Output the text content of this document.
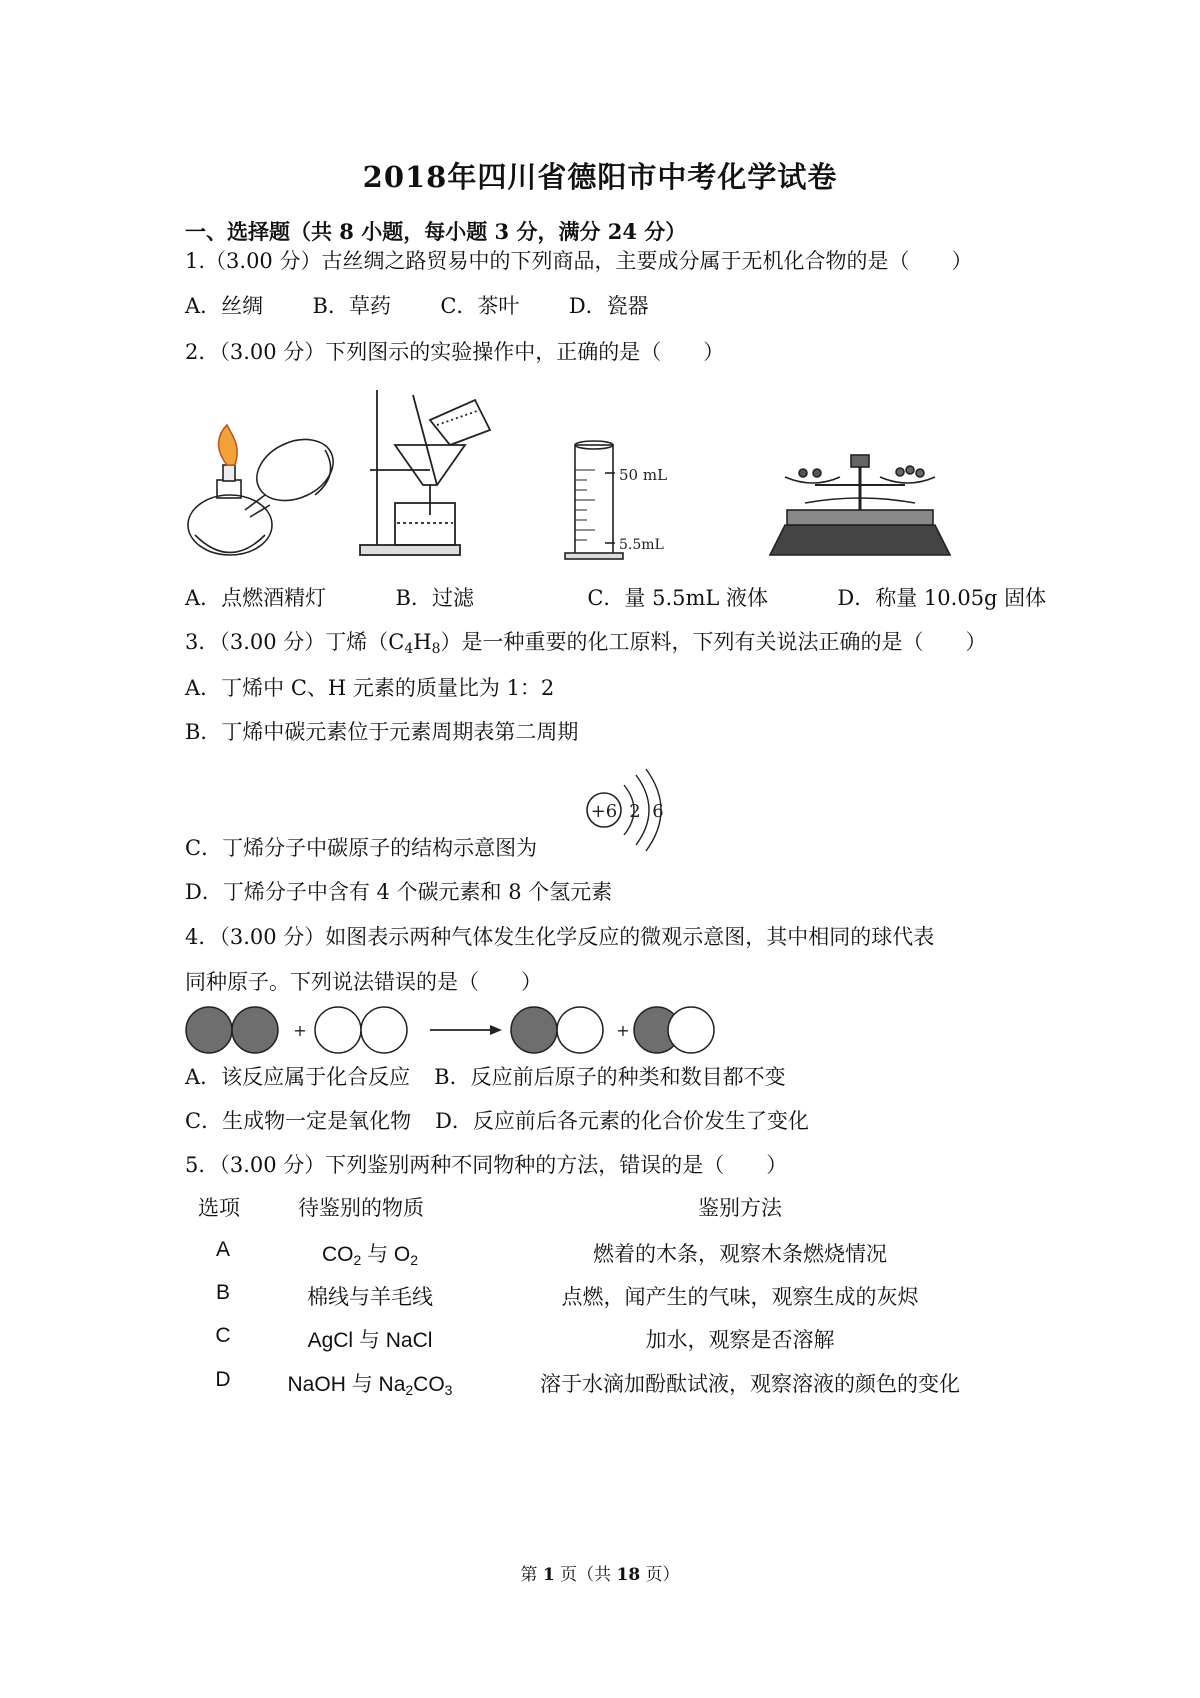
2018年四川省德阳市中考化学试卷
一、选择题（共 8 小题，每小题 3 分，满分 24 分）
1.（3.00 分）古丝绸之路贸易中的下列商品，主要成分属于无机化合物的是（　　）
A．丝绸 B．草药 C．茶叶 D．瓷器
2．（3.00 分）下列图示的实验操作中，正确的是（　　）
50 mL
5.5mL
A．点燃酒精灯	B．过滤	C．量 5.5mL 液体	D．称量 10.05g 固体
3．（3.00 分）丁烯$(C_4H_8)$是一种重要的化工原料，下列有关说法正确的是（　　）
A．丁烯中 C、H 元素的质量比为 1：2
B．丁烯中碳元素位于元素周期表第二周期
+6 2 6
C．丁烯分子中碳原子的结构示意图为
D．丁烯分子中含有 4 个碳元素和 8 个氢元素
4．（3.00 分）如图表示两种气体发生化学反应的微观示意图，其中相同的球代表
同种原子。下列说法错误的是（　　）
+	+
A．该反应属于化合反应 B．反应前后原子的种类和数目都不变
C．生成物一定是氧化物 D．反应前后各元素的化合价发生了变化
5．（3.00 分）下列鉴别两种不同物种的方法，错误的是（　　）
选项	待鉴别的物质	鉴别方法
A	$CO_2$ 与 $O_2$	燃着的木条，观察木条燃烧情况
B	棉线与羊毛线	点燃，闻产生的气味，观察生成的灰烬
C	AgCl 与 NaCl	加水，观察是否溶解
D	NaOH 与 $Na_2CO_3$	溶于水滴加酚酞试液，观察溶液的颜色的变化
第 1 页（共 18 页）
